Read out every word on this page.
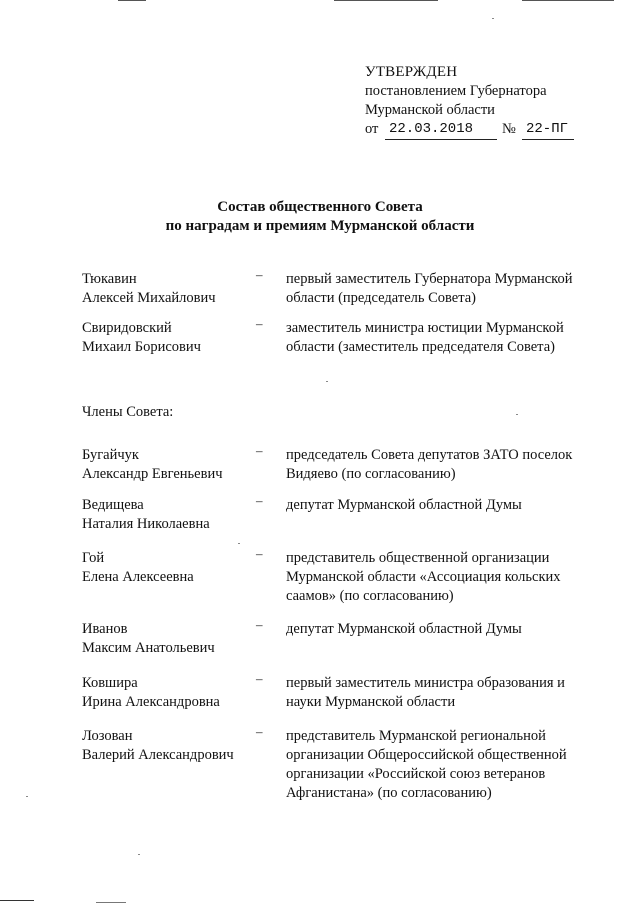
УТВЕРЖДЕН
постановлением Губернатора
Мурманской области
от 22.03.2018	№ 22-ПГ
Состав общественного Совета
по наградам и премиям Мурманской области
Тюкавин
Алексей Михайлович
– первый заместитель Губернатора Мурманской
области (председатель Совета)
Свиридовский
Михаил Борисович
– заместитель министра юстиции Мурманской
области (заместитель председателя Совета)
Члены Совета:
Бугайчук
Александр Евгеньевич
– председатель Совета депутатов ЗАТО поселок
Видяево (по согласованию)
Ведищева
Наталия Николаевна
– депутат Мурманской областной Думы
Гой
Елена Алексеевна
– представитель общественной организации
Мурманской области «Ассоциация кольских
саамов» (по согласованию)
Иванов
Максим Анатольевич
– депутат Мурманской областной Думы
Ковшира
Ирина Александровна
– первый заместитель министра образования и
науки Мурманской области
Лозован
Валерий Александрович
– представитель Мурманской региональной
организации Общероссийской общественной
организации «Российской союз ветеранов
Афганистана» (по согласованию)
